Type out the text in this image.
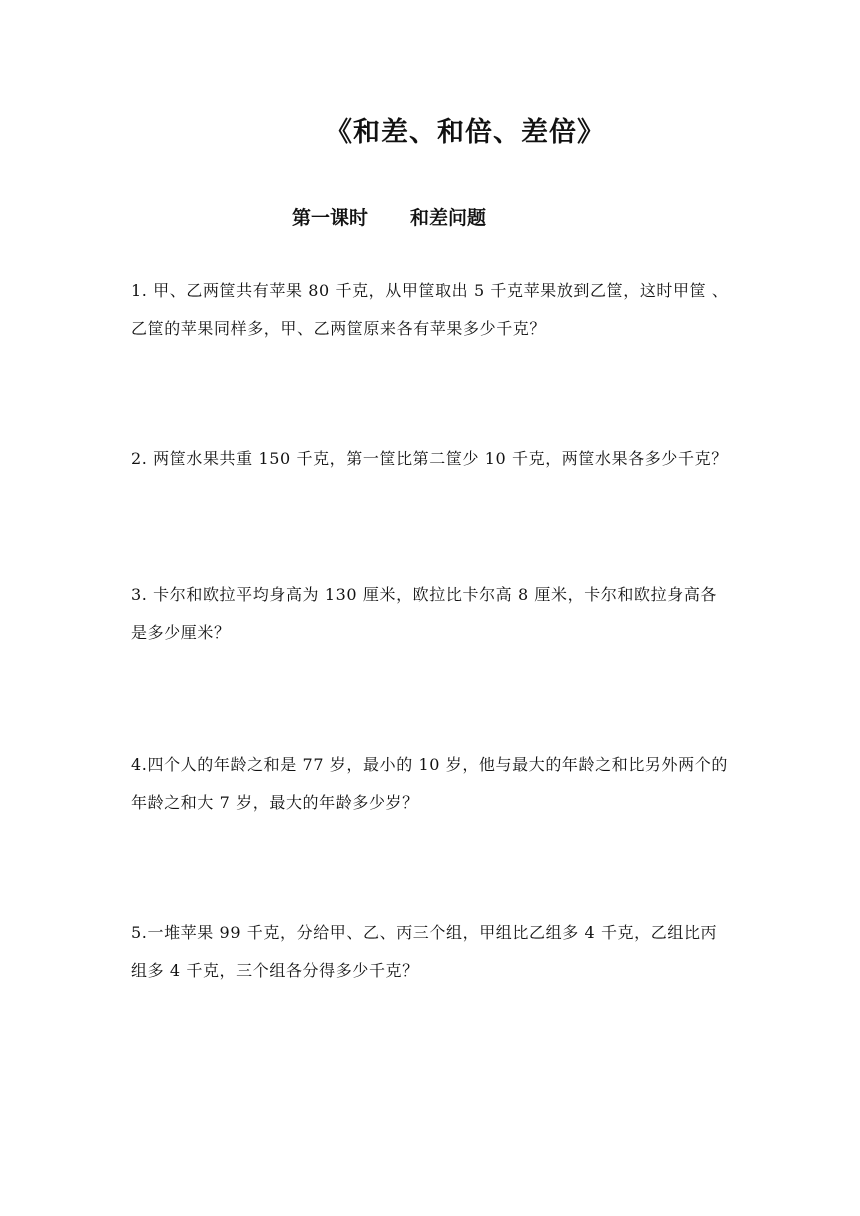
《和差、和倍、差倍》
第一课时 和差问题
1. 甲、乙两筐共有苹果 80 千克，从甲筐取出 5 千克苹果放到乙筐，这时甲筐 、
乙筐的苹果同样多，甲、乙两筐原来各有苹果多少千克？
2. 两筐水果共重 150 千克，第一筐比第二筐少 10 千克，两筐水果各多少千克？
3. 卡尔和欧拉平均身高为 130 厘米，欧拉比卡尔高 8 厘米，卡尔和欧拉身高各
是多少厘米？
4.四个人的年龄之和是 77 岁，最小的 10 岁，他与最大的年龄之和比另外两个的
年龄之和大 7 岁，最大的年龄多少岁？
5.一堆苹果 99 千克，分给甲、乙、丙三个组，甲组比乙组多 4 千克，乙组比丙
组多 4 千克，三个组各分得多少千克？
